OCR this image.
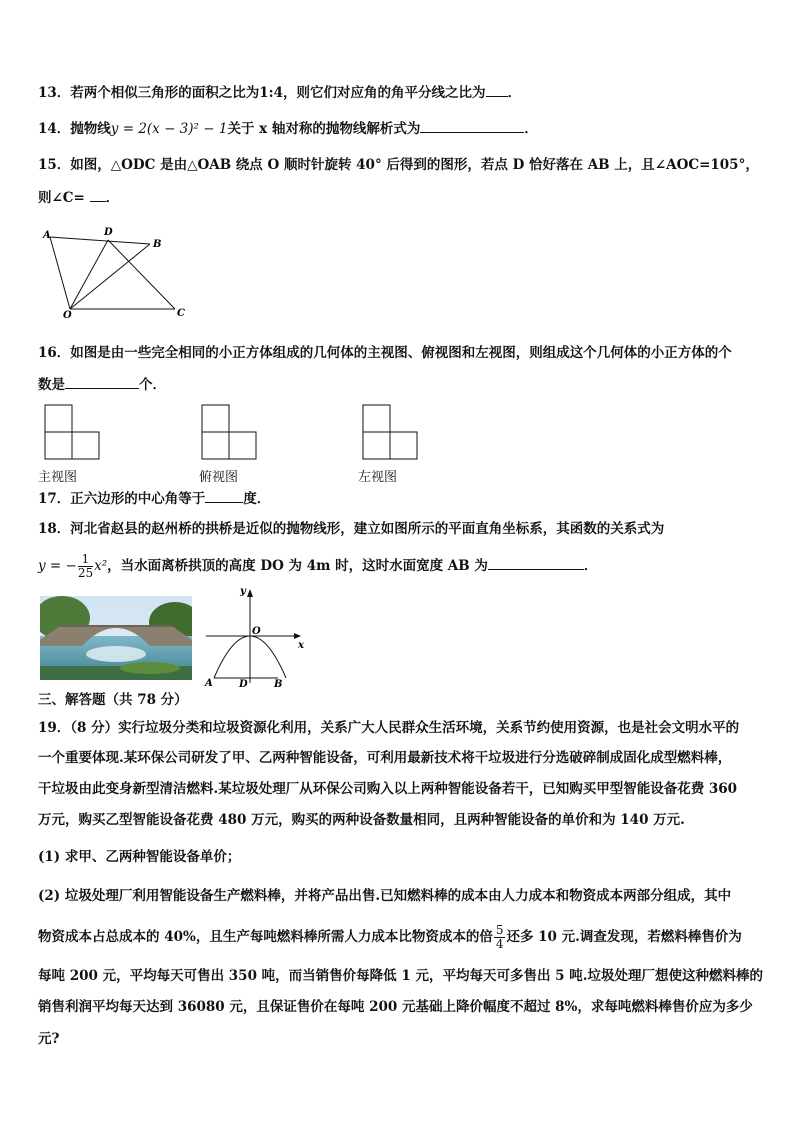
13．若两个相似三角形的面积之比为1:4，则它们对应角的角平分线之比为 ．
14．抛物线y = 2(x − 3)² − 1关于 x 轴对称的抛物线解析式为	．
15．如图，△ODC 是由△OAB 绕点 O 顺时针旋转 40° 后得到的图形，若点 D 恰好落在 AB 上，且∠AOC=105°，
则∠C= ．
A	D
B
O	C
16．如图是由一些完全相同的小正方体组成的几何体的主视图、俯视图和左视图，则组成这个几何体的小正方体的个
数是	个．
主视图	俯视图	左视图
17．正六边形的中心角等于	度．
18．河北省赵县的赵州桥的拱桥是近似的抛物线形，建立如图所示的平面直角坐标系，其函数的关系式为
y = − $\frac{1}{25} x^2$，当水面离桥拱顶的高度 DO 为 4m 时，这时水面宽度 AB 为	．
y
x
O
A	D	B
三、解答题（共 78 分）
19．（8 分）实行垃圾分类和垃圾资源化利用，关系广大人民群众生活环境，关系节约使用资源，也是社会文明水平的
一个重要体现.某环保公司研发了甲、乙两种智能设备，可利用最新技术将干垃圾进行分选破碎制成固化成型燃料棒，
干垃圾由此变身新型清洁燃料.某垃圾处理厂从环保公司购入以上两种智能设备若干，已知购买甲型智能设备花费 360
万元，购买乙型智能设备花费 480 万元，购买的两种设备数量相同，且两种智能设备的单价和为 140 万元.
(1) 求甲、乙两种智能设备单价；
(2) 垃圾处理厂利用智能设备生产燃料棒，并将产品出售.已知燃料棒的成本由人力成本和物资成本两部分组成，其中
物资成本占总成本的 40%，且生产每吨燃料棒所需人力成本比物资成本的倍 $\frac{5}{4}$ 还多 10 元.调查发现，若燃料棒售价为
每吨 200 元，平均每天可售出 350 吨，而当销售价每降低 1 元，平均每天可多售出 5 吨.垃圾处理厂想使这种燃料棒的
销售利润平均每天达到 36080 元，且保证售价在每吨 200 元基础上降价幅度不超过 8%，求每吨燃料棒售价应为多少
元?
